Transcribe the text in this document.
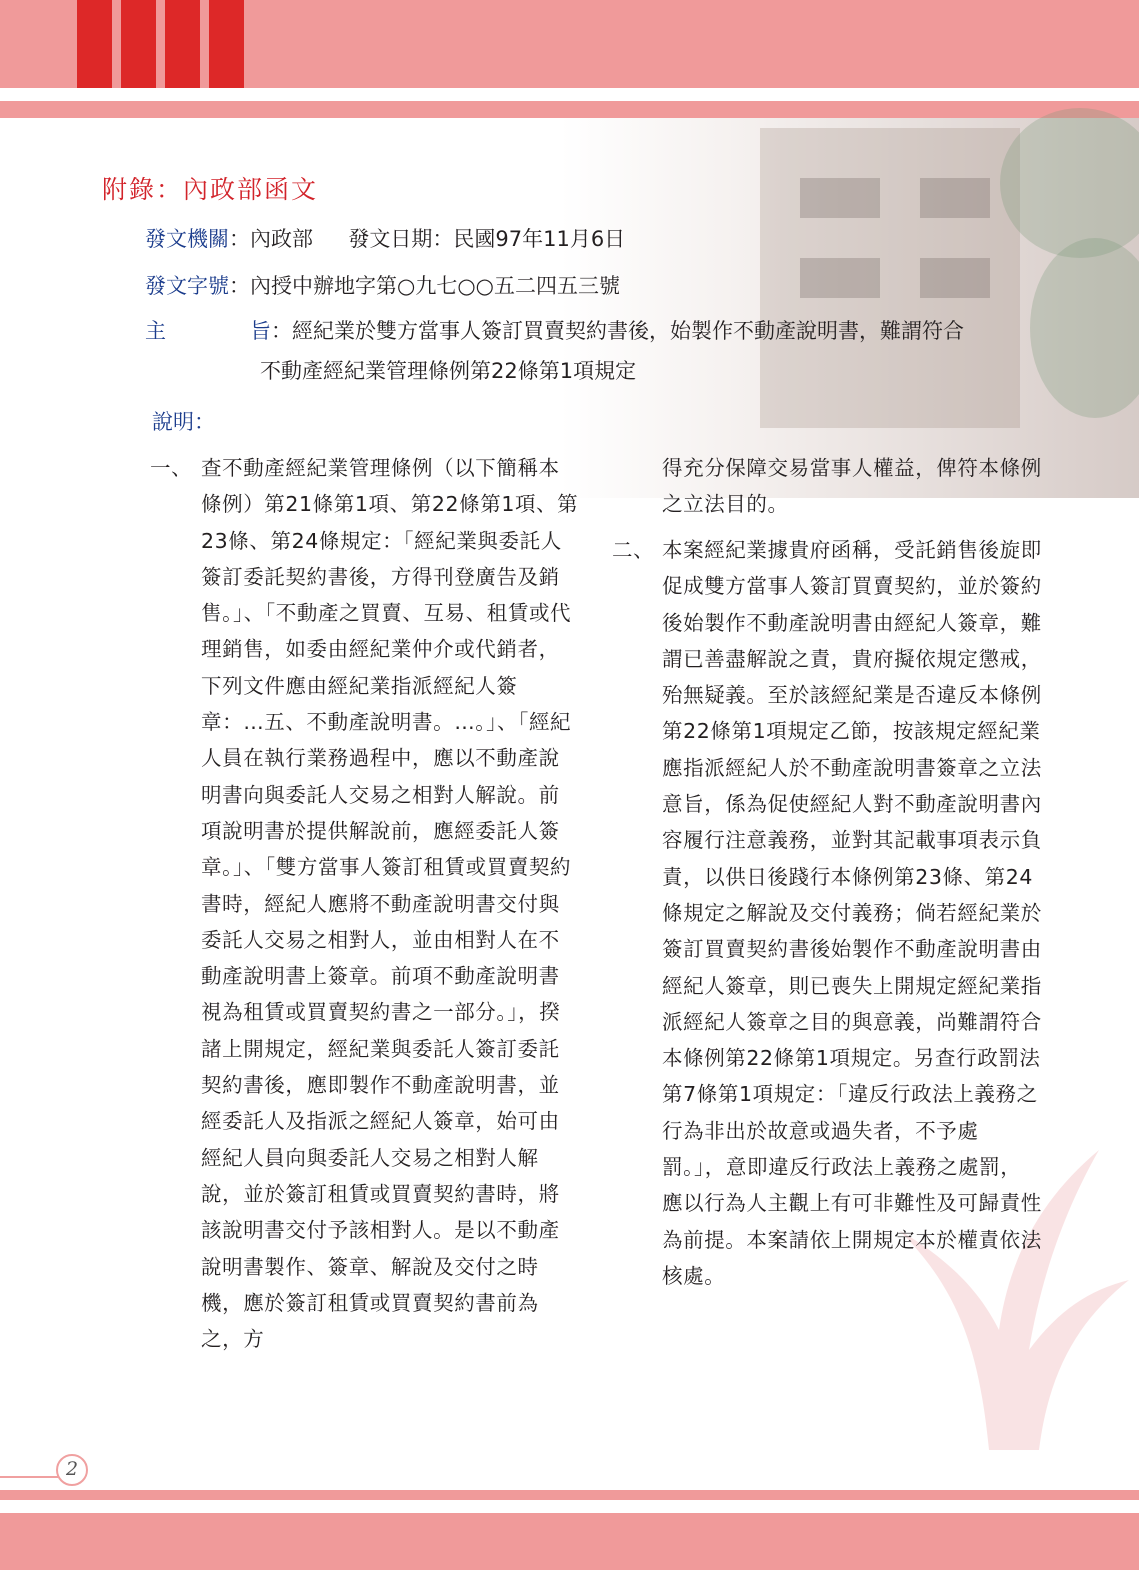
附錄：內政部函文
發文機關：內政部 發文日期：民國97年11月6日
發文字號：內授中辦地字第○九七○○五二四五三號
主	旨：經紀業於雙方當事人簽訂買賣契約書後，始製作不動產說明書，難謂符合
不動產經紀業管理條例第22條第1項規定
說明：
一、 查不動產經紀業管理條例（以下簡稱本條例）第21條第1項、第22條第1項、第23條、第24條規定：「經紀業與委託人簽訂委託契約書後，方得刊登廣告及銷售。」、「不動產之買賣、互易、租賃或代理銷售，如委由經紀業仲介或代銷者，下列文件應由經紀業指派經紀人簽章：…五、不動產說明書。…。」、「經紀人員在執行業務過程中，應以不動產說明書向與委託人交易之相對人解說。前項說明書於提供解說前，應經委託人簽章。」、「雙方當事人簽訂租賃或買賣契約書時，經紀人應將不動產說明書交付與委託人交易之相對人，並由相對人在不動產說明書上簽章。前項不動產說明書視為租賃或買賣契約書之一部分。」，揆諸上開規定，經紀業與委託人簽訂委託契約書後，應即製作不動產說明書，並經委託人及指派之經紀人簽章，始可由經紀人員向與委託人交易之相對人解說，並於簽訂租賃或買賣契約書時，將該說明書交付予該相對人。是以不動產說明書製作、簽章、解說及交付之時機，應於簽訂租賃或買賣契約書前為之，方
得充分保障交易當事人權益，俾符本條例之立法目的。
二、 本案經紀業據貴府函稱，受託銷售後旋即促成雙方當事人簽訂買賣契約，並於簽約後始製作不動產說明書由經紀人簽章，難謂已善盡解說之責，貴府擬依規定懲戒，殆無疑義。至於該經紀業是否違反本條例第22條第1項規定乙節，按該規定經紀業應指派經紀人於不動產說明書簽章之立法意旨，係為促使經紀人對不動產說明書內容履行注意義務，並對其記載事項表示負責，以供日後踐行本條例第23條、第24條規定之解說及交付義務；倘若經紀業於簽訂買賣契約書後始製作不動產說明書由經紀人簽章，則已喪失上開規定經紀業指派經紀人簽章之目的與意義，尚難謂符合本條例第22條第1項規定。另查行政罰法第7條第1項規定：「違反行政法上義務之行為非出於故意或過失者，不予處罰。」，意即違反行政法上義務之處罰，應以行為人主觀上有可非難性及可歸責性為前提。本案請依上開規定本於權責依法核處。
2
